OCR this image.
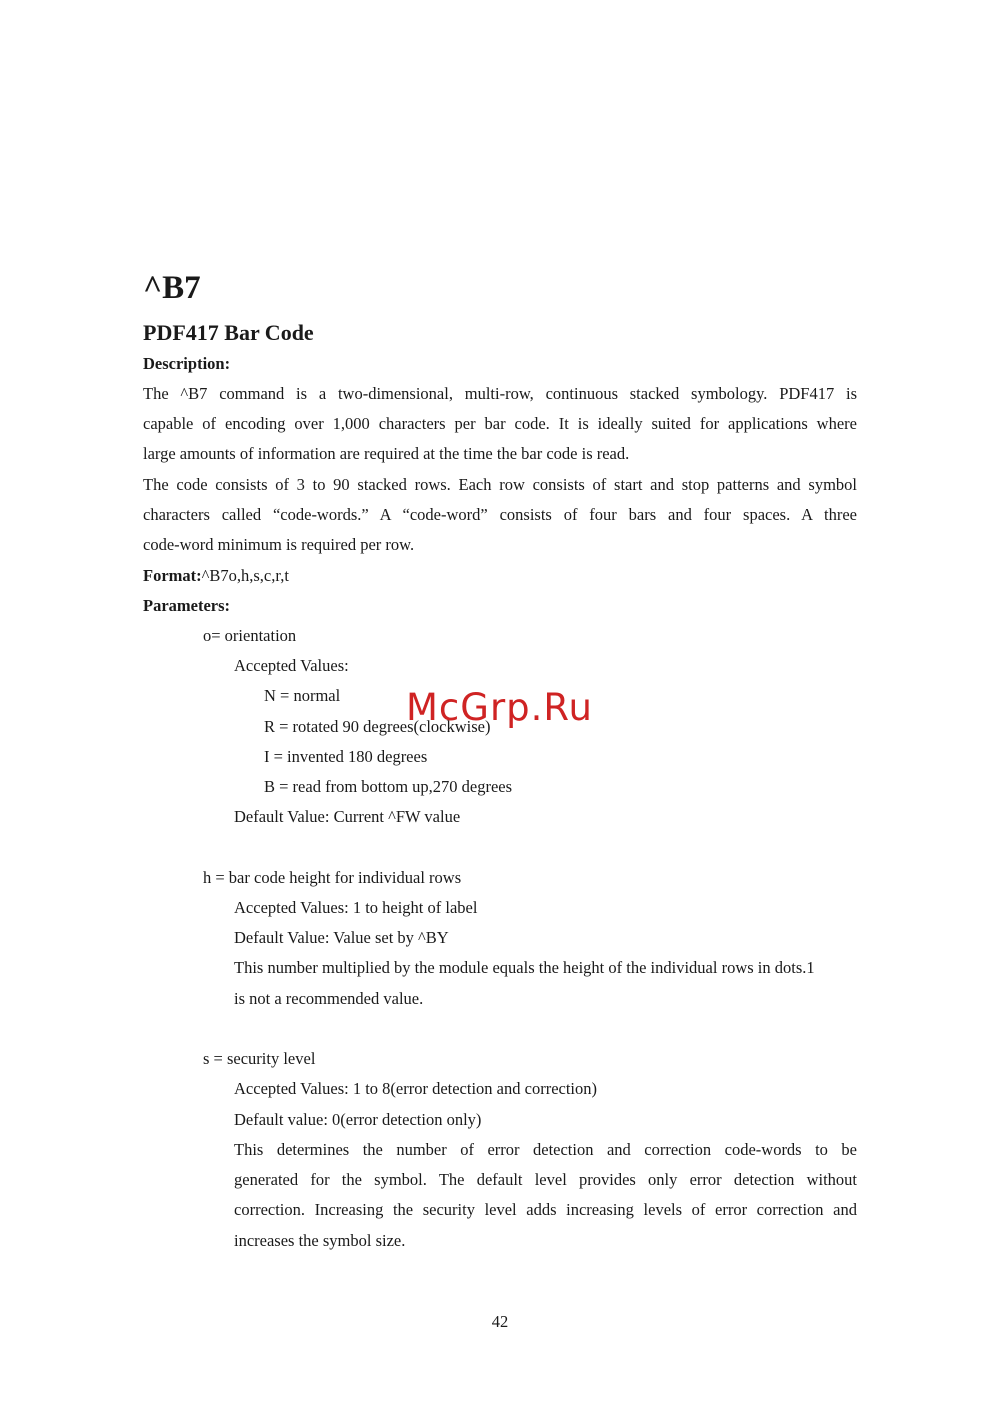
^B7
PDF417 Bar Code
Description:
The ^B7 command is a two-dimensional, multi-row, continuous stacked symbology. PDF417 is
capable of encoding over 1,000 characters per bar code. It is ideally suited for applications where
large amounts of information are required at the time the bar code is read.
The code consists of 3 to 90 stacked rows. Each row consists of start and stop patterns and symbol
characters called “code-words.” A “code-word” consists of four bars and four spaces. A three
code-word minimum is required per row.
Format:^B7o,h,s,c,r,t
Parameters:
o= orientation
Accepted Values:
N = normal
R = rotated 90 degrees(clockwise)
I = invented 180 degrees
B = read from bottom up,270 degrees
Default Value: Current ^FW value
h = bar code height for individual rows
Accepted Values: 1 to height of label
Default Value: Value set by ^BY
This number multiplied by the module equals the height of the individual rows in dots.1
is not a recommended value.
s = security level
Accepted Values: 1 to 8(error detection and correction)
Default value: 0(error detection only)
This determines the number of error detection and correction code-words to be
generated for the symbol. The default level provides only error detection without
correction. Increasing the security level adds increasing levels of error correction and
increases the symbol size.
McGrp.Ru
42
